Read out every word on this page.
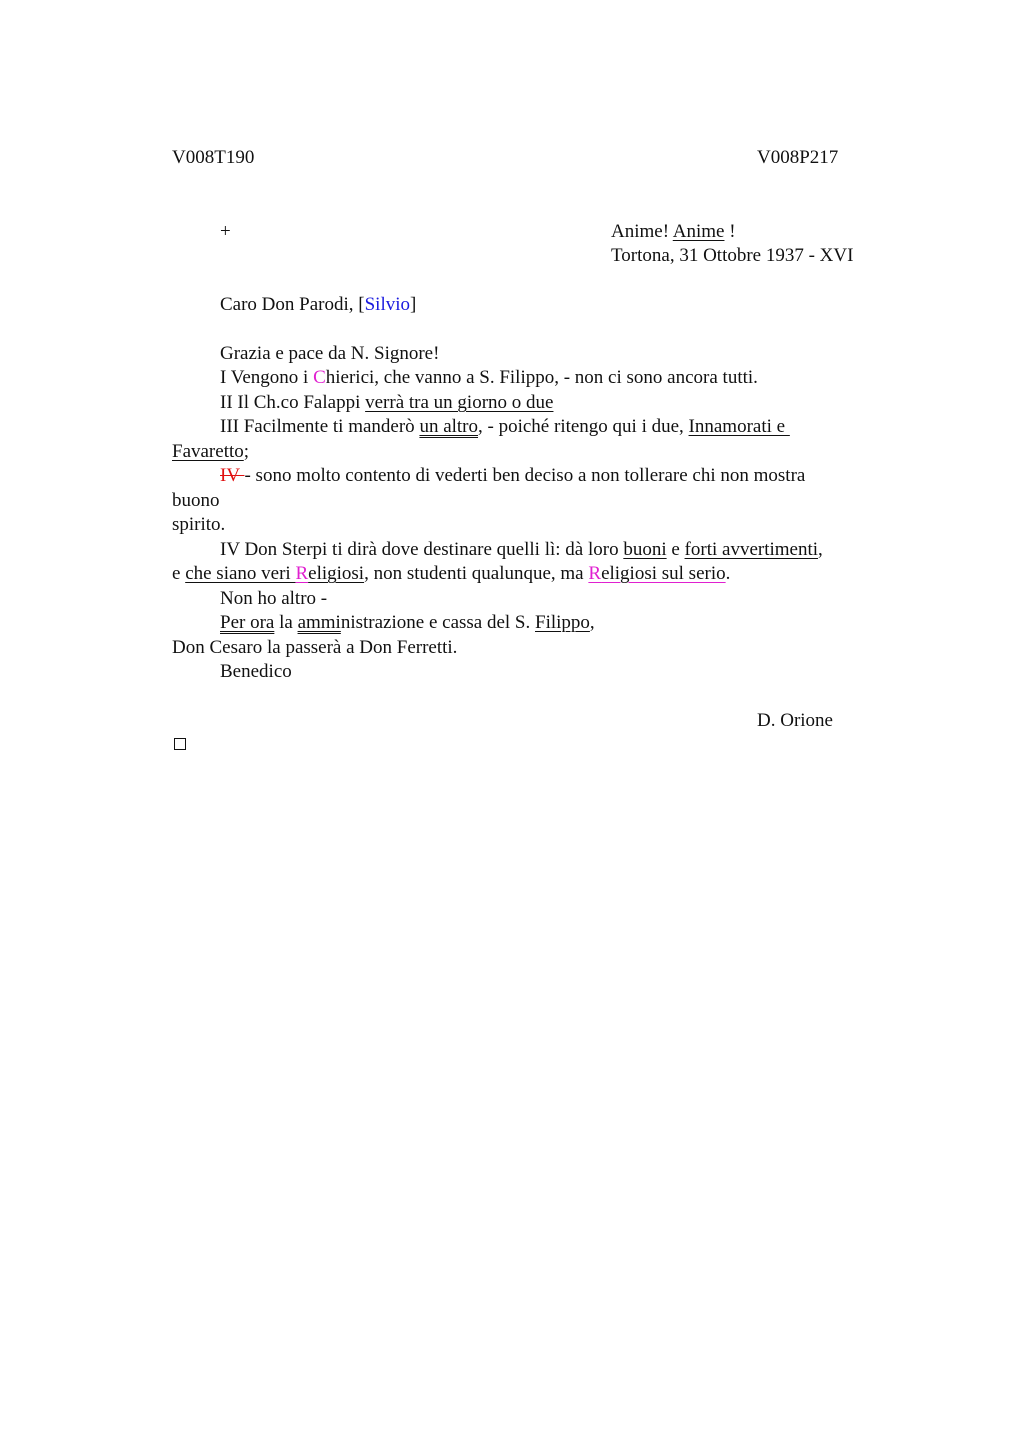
V008T190	V008P217
+	Anime! Anime !
Tortona, 31 Ottobre 1937 - XVI
Caro Don Parodi, [Silvio]
Grazia e pace da N. Signore!
I Vengono i Chierici, che vanno a S. Filippo, - non ci sono ancora tutti.
II Il Ch.co Falappi verrà tra un giorno o due
III Facilmente ti manderò un altro, - poiché ritengo qui i due, Innamorati e
Favaretto;
IV - sono molto contento di vederti ben deciso a non tollerare chi non mostra
buono
spirito.
IV Don Sterpi ti dirà dove destinare quelli lì: dà loro buoni e forti avvertimenti,
e che siano veri Religiosi, non studenti qualunque, ma Religiosi sul serio.
Non ho altro -
Per ora la amministrazione e cassa del S. Filippo,
Don Cesaro la passerà a Don Ferretti.
Benedico
D. Orione
